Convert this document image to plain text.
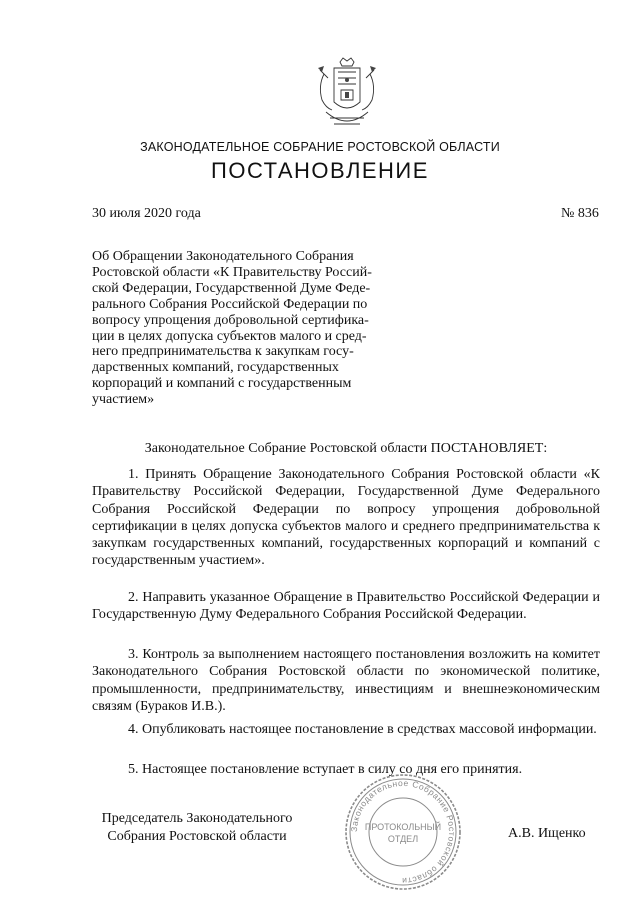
ЗАКОНОДАТЕЛЬНОЕ СОБРАНИЕ РОСТОВСКОЙ ОБЛАСТИ
ПОСТАНОВЛЕНИЕ
30 июля 2020 года	№ 836
Об Обращении Законодательного Собрания
Ростовской области «К Правительству Россий-
ской Федерации, Государственной Думе Феде-
рального Собрания Российской Федерации по
вопросу упрощения добровольной сертифика-
ции в целях допуска субъектов малого и сред-
него предпринимательства к закупкам госу-
дарственных компаний, государственных
корпораций и компаний с государственным
участием»
Законодательное Собрание Ростовской области ПОСТАНОВЛЯЕТ:
1. Принять Обращение Законодательного Собрания Ростовской области «К Правительству Российской Федерации, Государственной Думе Федерального Собрания Российской Федерации по вопросу упрощения добровольной сертификации в целях допуска субъектов малого и среднего предпринимательства к закупкам государственных компаний, государственных корпораций и компаний с государственным участием».
2. Направить указанное Обращение в Правительство Российской Федерации и Государственную Думу Федерального Собрания Российской Федерации.
3. Контроль за выполнением настоящего постановления возложить на комитет Законодательного Собрания Ростовской области по экономической политике, промышленности, предпринимательству, инвестициям и внешнеэкономическим связям (Бураков И.В.).
4. Опубликовать настоящее постановление в средствах массовой информации.
5. Настоящее постановление вступает в силу со дня его принятия.
Председатель Законодательного
Собрания Ростовской области	Законодательное Собрание Ростовской области
ПРОТОКОЛЬНЫЙ
ОТДЕЛ	А.В. Ищенко
